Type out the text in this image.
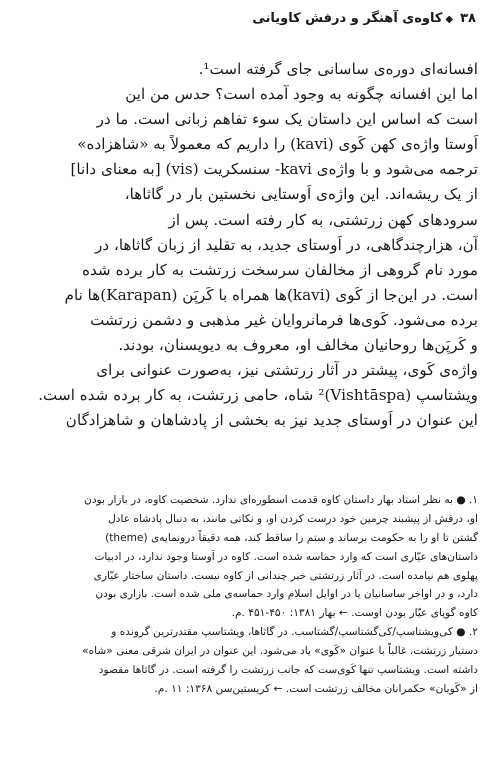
۳۸◆کاوه‌ی آهنگر و درفش کاویانی
افسانه‌ای دوره‌ی ساسانی جای گرفته است¹.
اما این افسانه چگونه به وجود آمده است؟ حدس من این
است که اساس این داستان یک سوء تفاهم زبانی است. ما در
اَوستا واژه‌ی کهن کَوی (kavi) را داریم که معمولاً به «شاهزاده»
ترجمه می‌شود و با واژه‌ی kavi- سنسکریت (vis) [به معنای دانا]
از یک ریشه‌اند. این واژه‌ی اَوستایی نخستین بار در گاثاها،
سرودهای کهن زرتشتی، به کار رفته است. پس از
آن، هزارچندگاهی، در اَوستای جدید، به تقلید از زبان گاثاها، در
مورد نام گروهی از مخالفان سرسخت زرتشت به کار برده شده
است. در این‌جا از کَوی (kavi)ها همراه با کَرپَن (Karapan)ها نام
برده می‌شود. کَوی‌ها فرمانروایان غیر مذهبی و دشمن زرتشت
و کَرپَن‌ها روحانیان مخالف او، معروف به دیویسنان، بودند.
واژه‌ی کَوی، پیشتر در آثار زرتشتی نیز، به‌صورت عنوانی برای
ویشتاسپ (Vishtāspa)² شاه، حامی زرتشت، به کار برده شده است.
این عنوان در اَوستای جدید نیز به بخشی از پادشاهان و شاهزادگان
۱. ● به نظر استاد بهار داستان کاوه قدمت اسطوره‌ای ندارد. شخصیت کاوه، در بازار بودن
او، درفش از پیشبند چرمین خود درست کردن او، و نکاتی مانند، به دنبال پادشاه عادل
گشتن تا او را به حکومت برساند و ستم را ساقط کند، همه دقیقاً درونمایه‌ی (theme)
داستان‌های عیّاری است که وارد حماسه شده است. کاوه در اَوستا وجود ندارد، در ادبیات
پهلوی هم نیامده است. در آثار زرتشتی خبر چندانی از کاوه نیست. داستان ساختار عیّاری
دارد، و در اواخر ساسانیان یا در اوایل اسلام وارد حماسه‌ی ملی شده است. بازاری بودن
کاوه گویای عیّار بودن اوست. ← بهار ۱۳۸۱: ۴۵۰-۴۵۱ .م.
۲. ● کی‌ویشتاسپ/کی‌گشتاسپ/گشتاسب. در گاثاها، ویشتاسپ مقتدرترین گرونده و
دستیار زرتشت، غالباً با عنوان «کَوی» یاد می‌شود. این عنوان در ایران شرقی معنی «شاه»
داشته است. ویشتاسپ تنها کَوی‌ست که جانب زرتشت را گرفته است. در گاثاها مقصود
از «کَویان» حکمرانان مخالف زرتشت است. ← کریستین‌سن ۱۳۶۸: ۱۱ .م.
